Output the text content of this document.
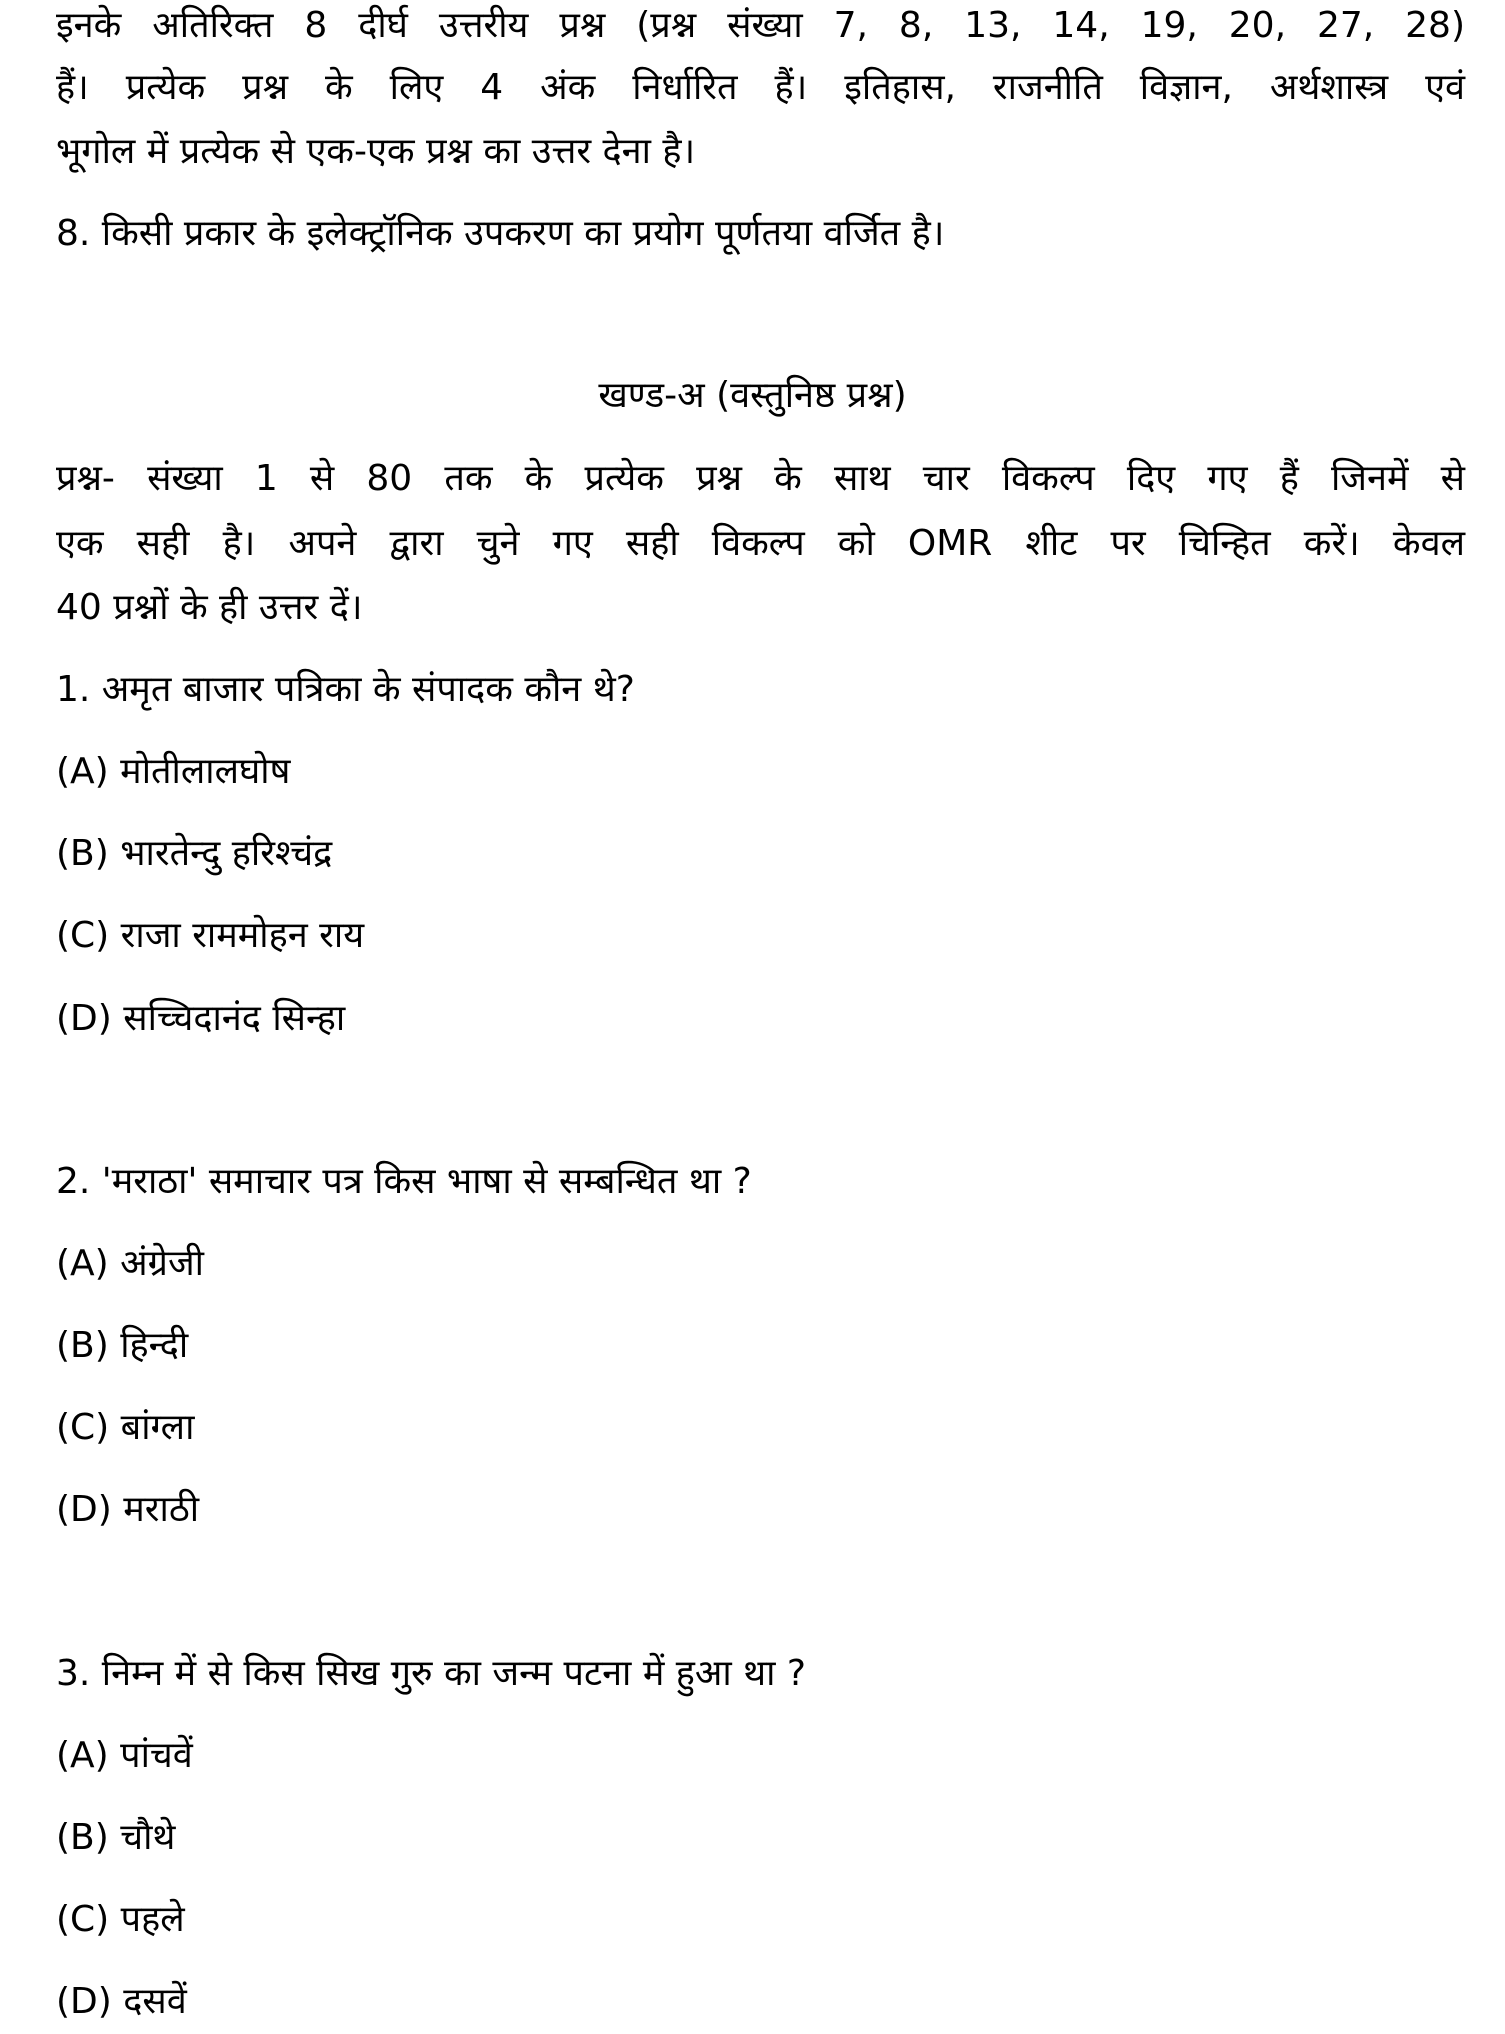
इनके अतिरिक्त 8 दीर्घ उत्तरीय प्रश्न (प्रश्न संख्या 7, 8, 13, 14, 19, 20, 27, 28)
हैं। प्रत्येक प्रश्न के लिए 4 अंक निर्धारित हैं। इतिहास, राजनीति विज्ञान, अर्थशास्त्र एवं
भूगोल में प्रत्येक से एक-एक प्रश्न का उत्तर देना है।
8. किसी प्रकार के इलेक्ट्रॉनिक उपकरण का प्रयोग पूर्णतया वर्जित है।
खण्ड-अ (वस्तुनिष्ठ प्रश्न)
प्रश्न- संख्या 1 से 80 तक के प्रत्येक प्रश्न के साथ चार विकल्प दिए गए हैं जिनमें से
एक सही है। अपने द्वारा चुने गए सही विकल्प को OMR शीट पर चिन्हित करें। केवल
40 प्रश्नों के ही उत्तर दें।
1. अमृत बाजार पत्रिका के संपादक कौन थे?
(A) मोतीलालघोष
(B) भारतेन्दु हरिश्चंद्र
(C) राजा राममोहन राय
(D) सच्चिदानंद सिन्हा
2. 'मराठा' समाचार पत्र किस भाषा से सम्बन्धित था ?
(A) अंग्रेजी
(B) हिन्दी
(C) बांग्ला
(D) मराठी
3. निम्न में से किस सिख गुरु का जन्म पटना में हुआ था ?
(A) पांचवें
(B) चौथे
(C) पहले
(D) दसवें
